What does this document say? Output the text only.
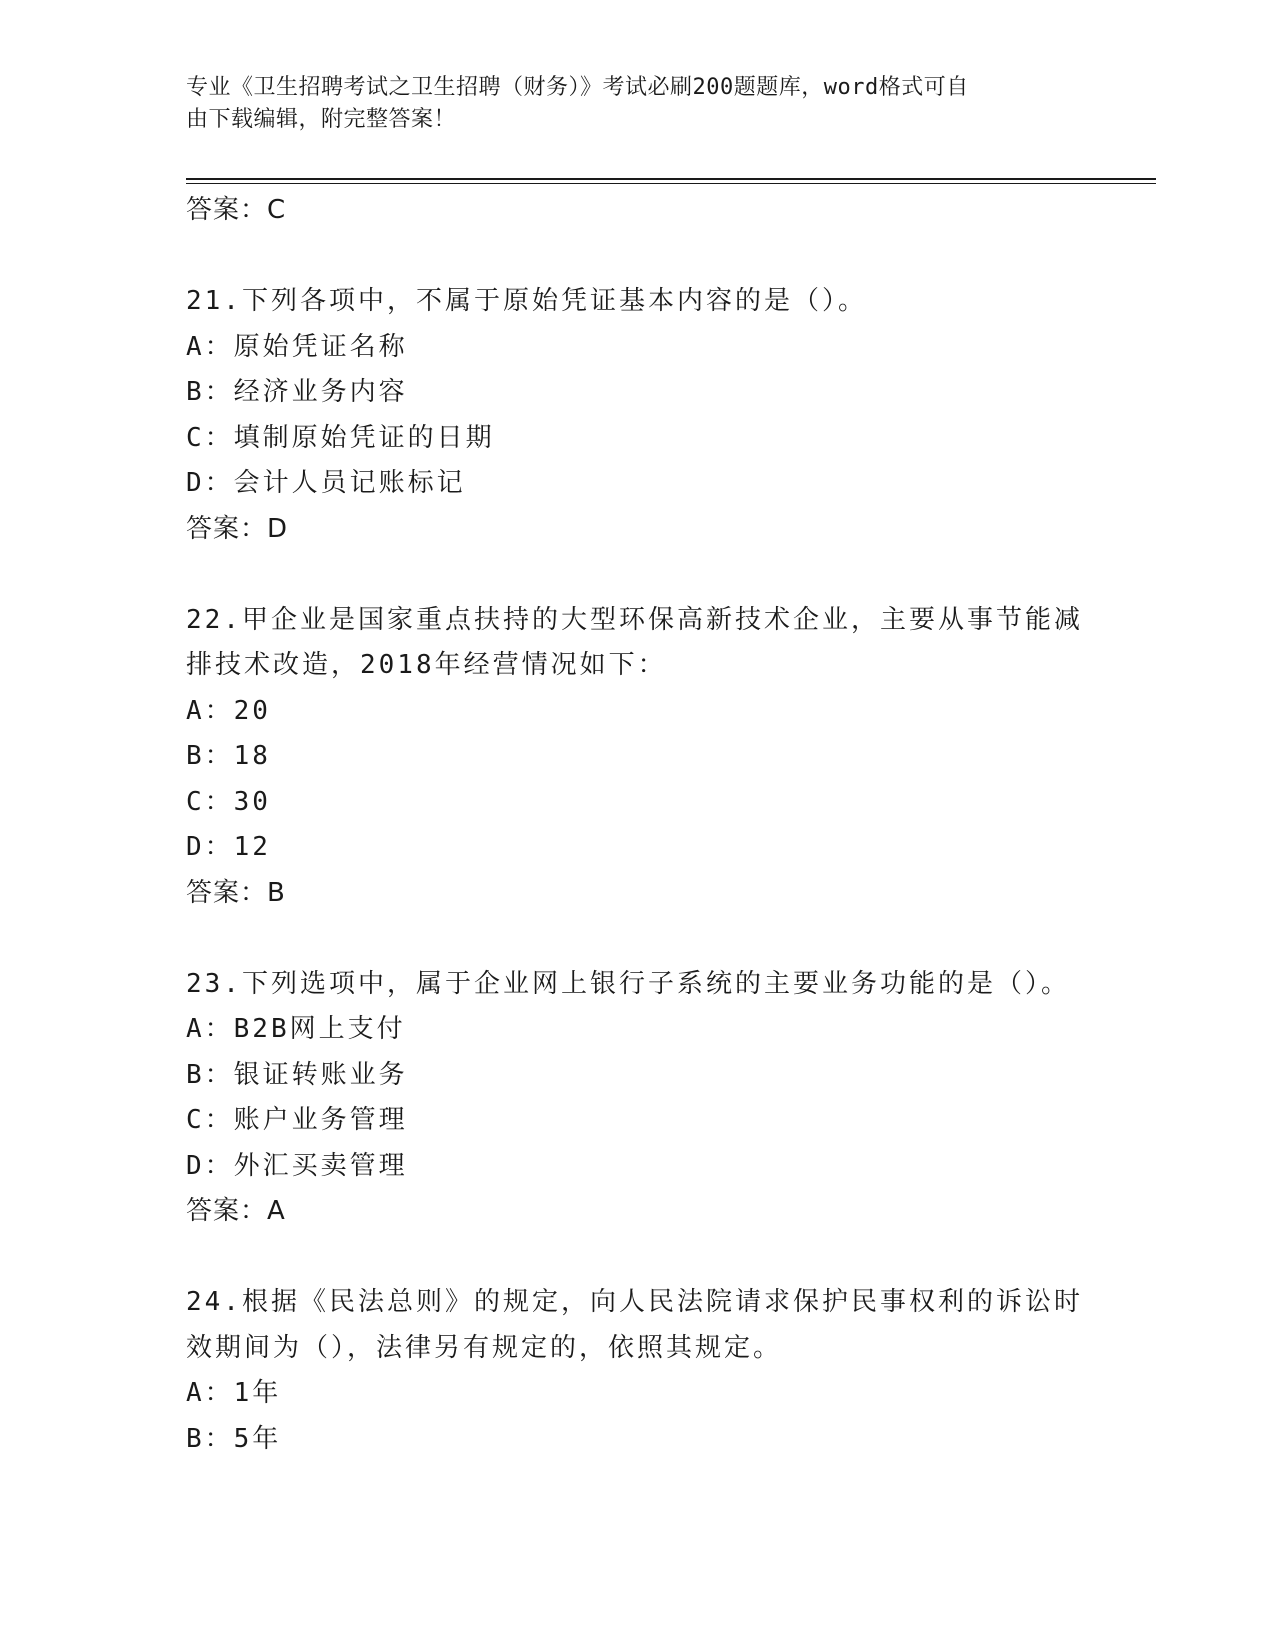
专业《卫生招聘考试之卫生招聘（财务）》考试必刷200题题库，word格式可自
由下载编辑，附完整答案！
答案：C
21.下列各项中，不属于原始凭证基本内容的是（）。
A：原始凭证名称
B：经济业务内容
C：填制原始凭证的日期
D：会计人员记账标记
答案：D
22.甲企业是国家重点扶持的大型环保高新技术企业，主要从事节能减
排技术改造，2018年经营情况如下：
A：20
B：18
C：30
D：12
答案：B
23.下列选项中，属于企业网上银行子系统的主要业务功能的是（）。
A：B2B网上支付
B：银证转账业务
C：账户业务管理
D：外汇买卖管理
答案：A
24.根据《民法总则》的规定，向人民法院请求保护民事权利的诉讼时
效期间为（），法律另有规定的，依照其规定。
A：1年
B：5年
